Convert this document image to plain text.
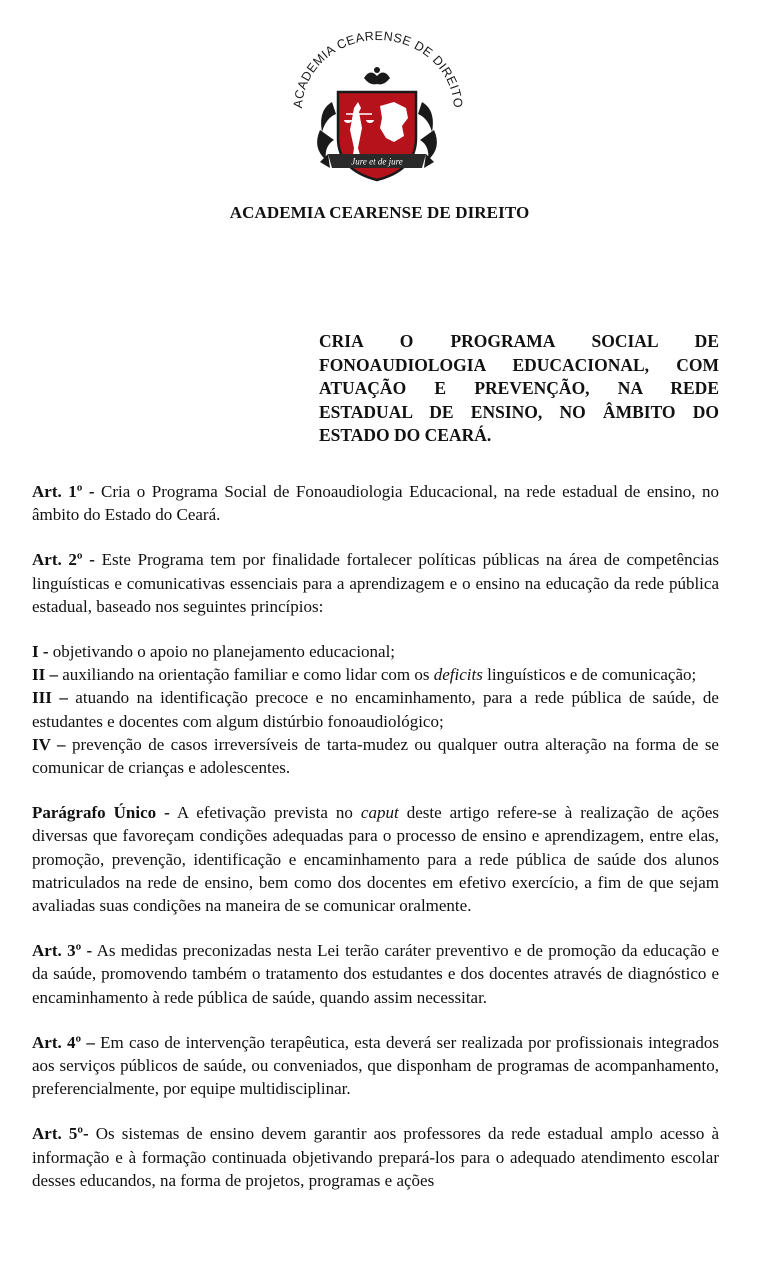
ACADEMIA CEARENSE DE DIREITO
Jure et de jure
ACADEMIA CEARENSE DE DIREITO
CRIA O PROGRAMA SOCIAL DE
FONOAUDIOLOGIA EDUCACIONAL, COM
ATUAÇÃO E PREVENÇÃO, NA REDE
ESTADUAL DE ENSINO, NO ÂMBITO DO
ESTADO DO CEARÁ.

Art. 1º - Cria o Programa Social de Fonoaudiologia Educacional, na rede estadual de ensino, no âmbito do Estado do Ceará.

Art. 2º - Este Programa tem por finalidade fortalecer políticas públicas na área de competências linguísticas e comunicativas essenciais para a aprendizagem e o ensino na educação da rede pública estadual, baseado nos seguintes princípios:

I - objetivando o apoio no planejamento educacional;

II – auxiliando na orientação familiar e como lidar com os deficits linguísticos e de comunicação;

III – atuando na identificação precoce e no encaminhamento, para a rede pública de saúde, de estudantes e docentes com algum distúrbio fonoaudiológico;

IV – prevenção de casos irreversíveis de tarta-mudez ou qualquer outra alteração na forma de se comunicar de crianças e adolescentes.

Parágrafo Único - A efetivação prevista no caput deste artigo refere-se à realização de ações diversas que favoreçam condições adequadas para o processo de ensino e aprendizagem, entre elas, promoção, prevenção, identificação e encaminhamento para a rede pública de saúde dos alunos matriculados na rede de ensino, bem como dos docentes em efetivo exercício, a fim de que sejam avaliadas suas condições na maneira de se comunicar oralmente.

Art. 3º - As medidas preconizadas nesta Lei terão caráter preventivo e de promoção da educação e da saúde, promovendo também o tratamento dos estudantes e dos docentes através de diagnóstico e encaminhamento à rede pública de saúde, quando assim necessitar.

Art. 4º – Em caso de intervenção terapêutica, esta deverá ser realizada por profissionais integrados aos serviços públicos de saúde, ou conveniados, que disponham de programas de acompanhamento, preferencialmente, por equipe multidisciplinar.

Art. 5º- Os sistemas de ensino devem garantir aos professores da rede estadual amplo acesso à informação e à formação continuada objetivando prepará-los para o adequado atendimento escolar desses educandos, na forma de projetos, programas e ações
